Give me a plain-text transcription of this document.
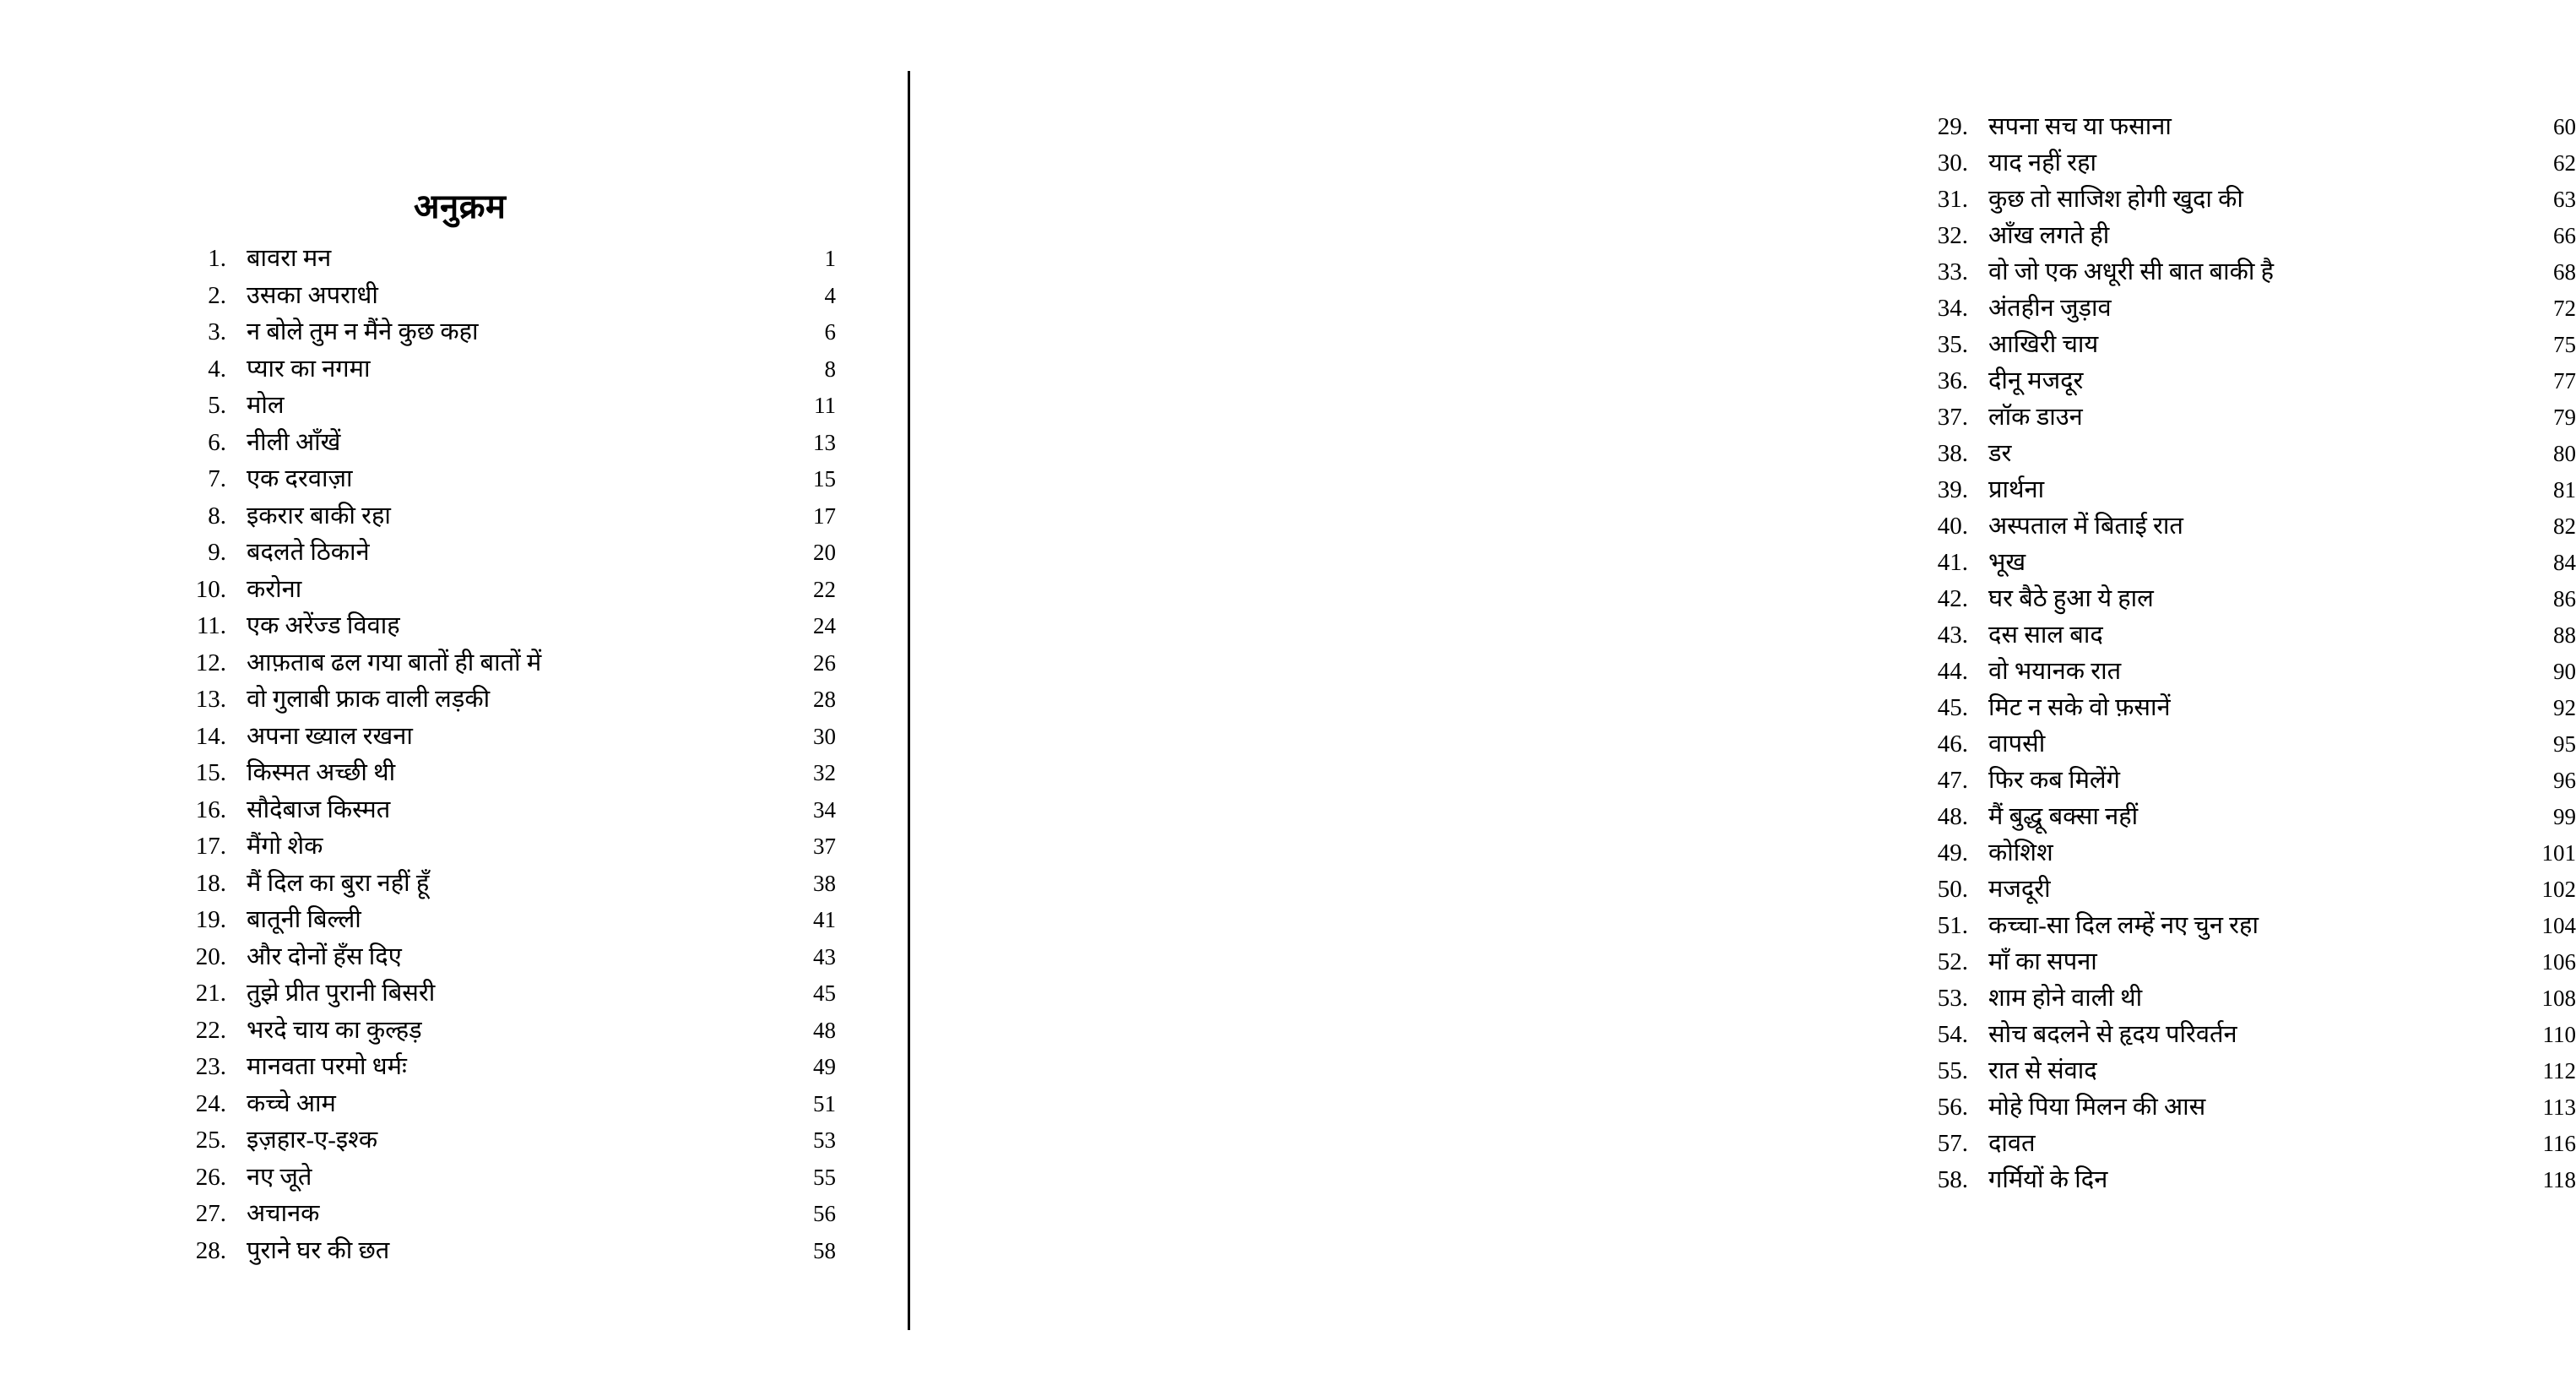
अनुक्रम
1. बावरा मन	1
2. उसका अपराधी	4
3. न बोले तुम न मैंने कुछ कहा	6
4. प्यार का नगमा	8
5. मोल	11
6. नीली आँखें	13
7. एक दरवाज़ा	15
8. इकरार बाकी रहा	17
9. बदलते ठिकाने	20
10. करोना	22
11. एक अरेंज्ड विवाह	24
12. आफ़ताब ढल गया बातों ही बातों में	26
13. वो गुलाबी फ्राक वाली लड़की	28
14. अपना ख्याल रखना	30
15. किस्मत अच्छी थी	32
16. सौदेबाज किस्मत	34
17. मैंगो शेक	37
18. मैं दिल का बुरा नहीं हूँ	38
19. बातूनी बिल्ली	41
20. और दोनों हँस दिए	43
21. तुझे प्रीत पुरानी बिसरी	45
22. भरदे चाय का कुल्हड़	48
23. मानवता परमो धर्मः	49
24. कच्चे आम	51
25. इज़हार-ए-इश्क	53
26. नए जूते	55
27. अचानक	56
28. पुराने घर की छत	58
29. सपना सच या फसाना	60
30. याद नहीं रहा	62
31. कुछ तो साजिश होगी खुदा की	63
32. आँख लगते ही	66
33. वो जो एक अधूरी सी बात बाकी है	68
34. अंतहीन जुड़ाव	72
35. आखिरी चाय	75
36. दीनू मजदूर	77
37. लॉक डाउन	79
38. डर	80
39. प्रार्थना	81
40. अस्पताल में बिताई रात	82
41. भूख	84
42. घर बैठे हुआ ये हाल	86
43. दस साल बाद	88
44. वो भयानक रात	90
45. मिट न सके वो फ़सानें	92
46. वापसी	95
47. फिर कब मिलेंगे	96
48. मैं बुद्धू बक्सा नहीं	99
49. कोशिश	101
50. मजदूरी	102
51. कच्चा-सा दिल लम्हें नए चुन रहा	104
52. माँ का सपना	106
53. शाम होने वाली थी	108
54. सोच बदलने से हृदय परिवर्तन	110
55. रात से संवाद	112
56. मोहे पिया मिलन की आस	113
57. दावत	116
58. गर्मियों के दिन	118
